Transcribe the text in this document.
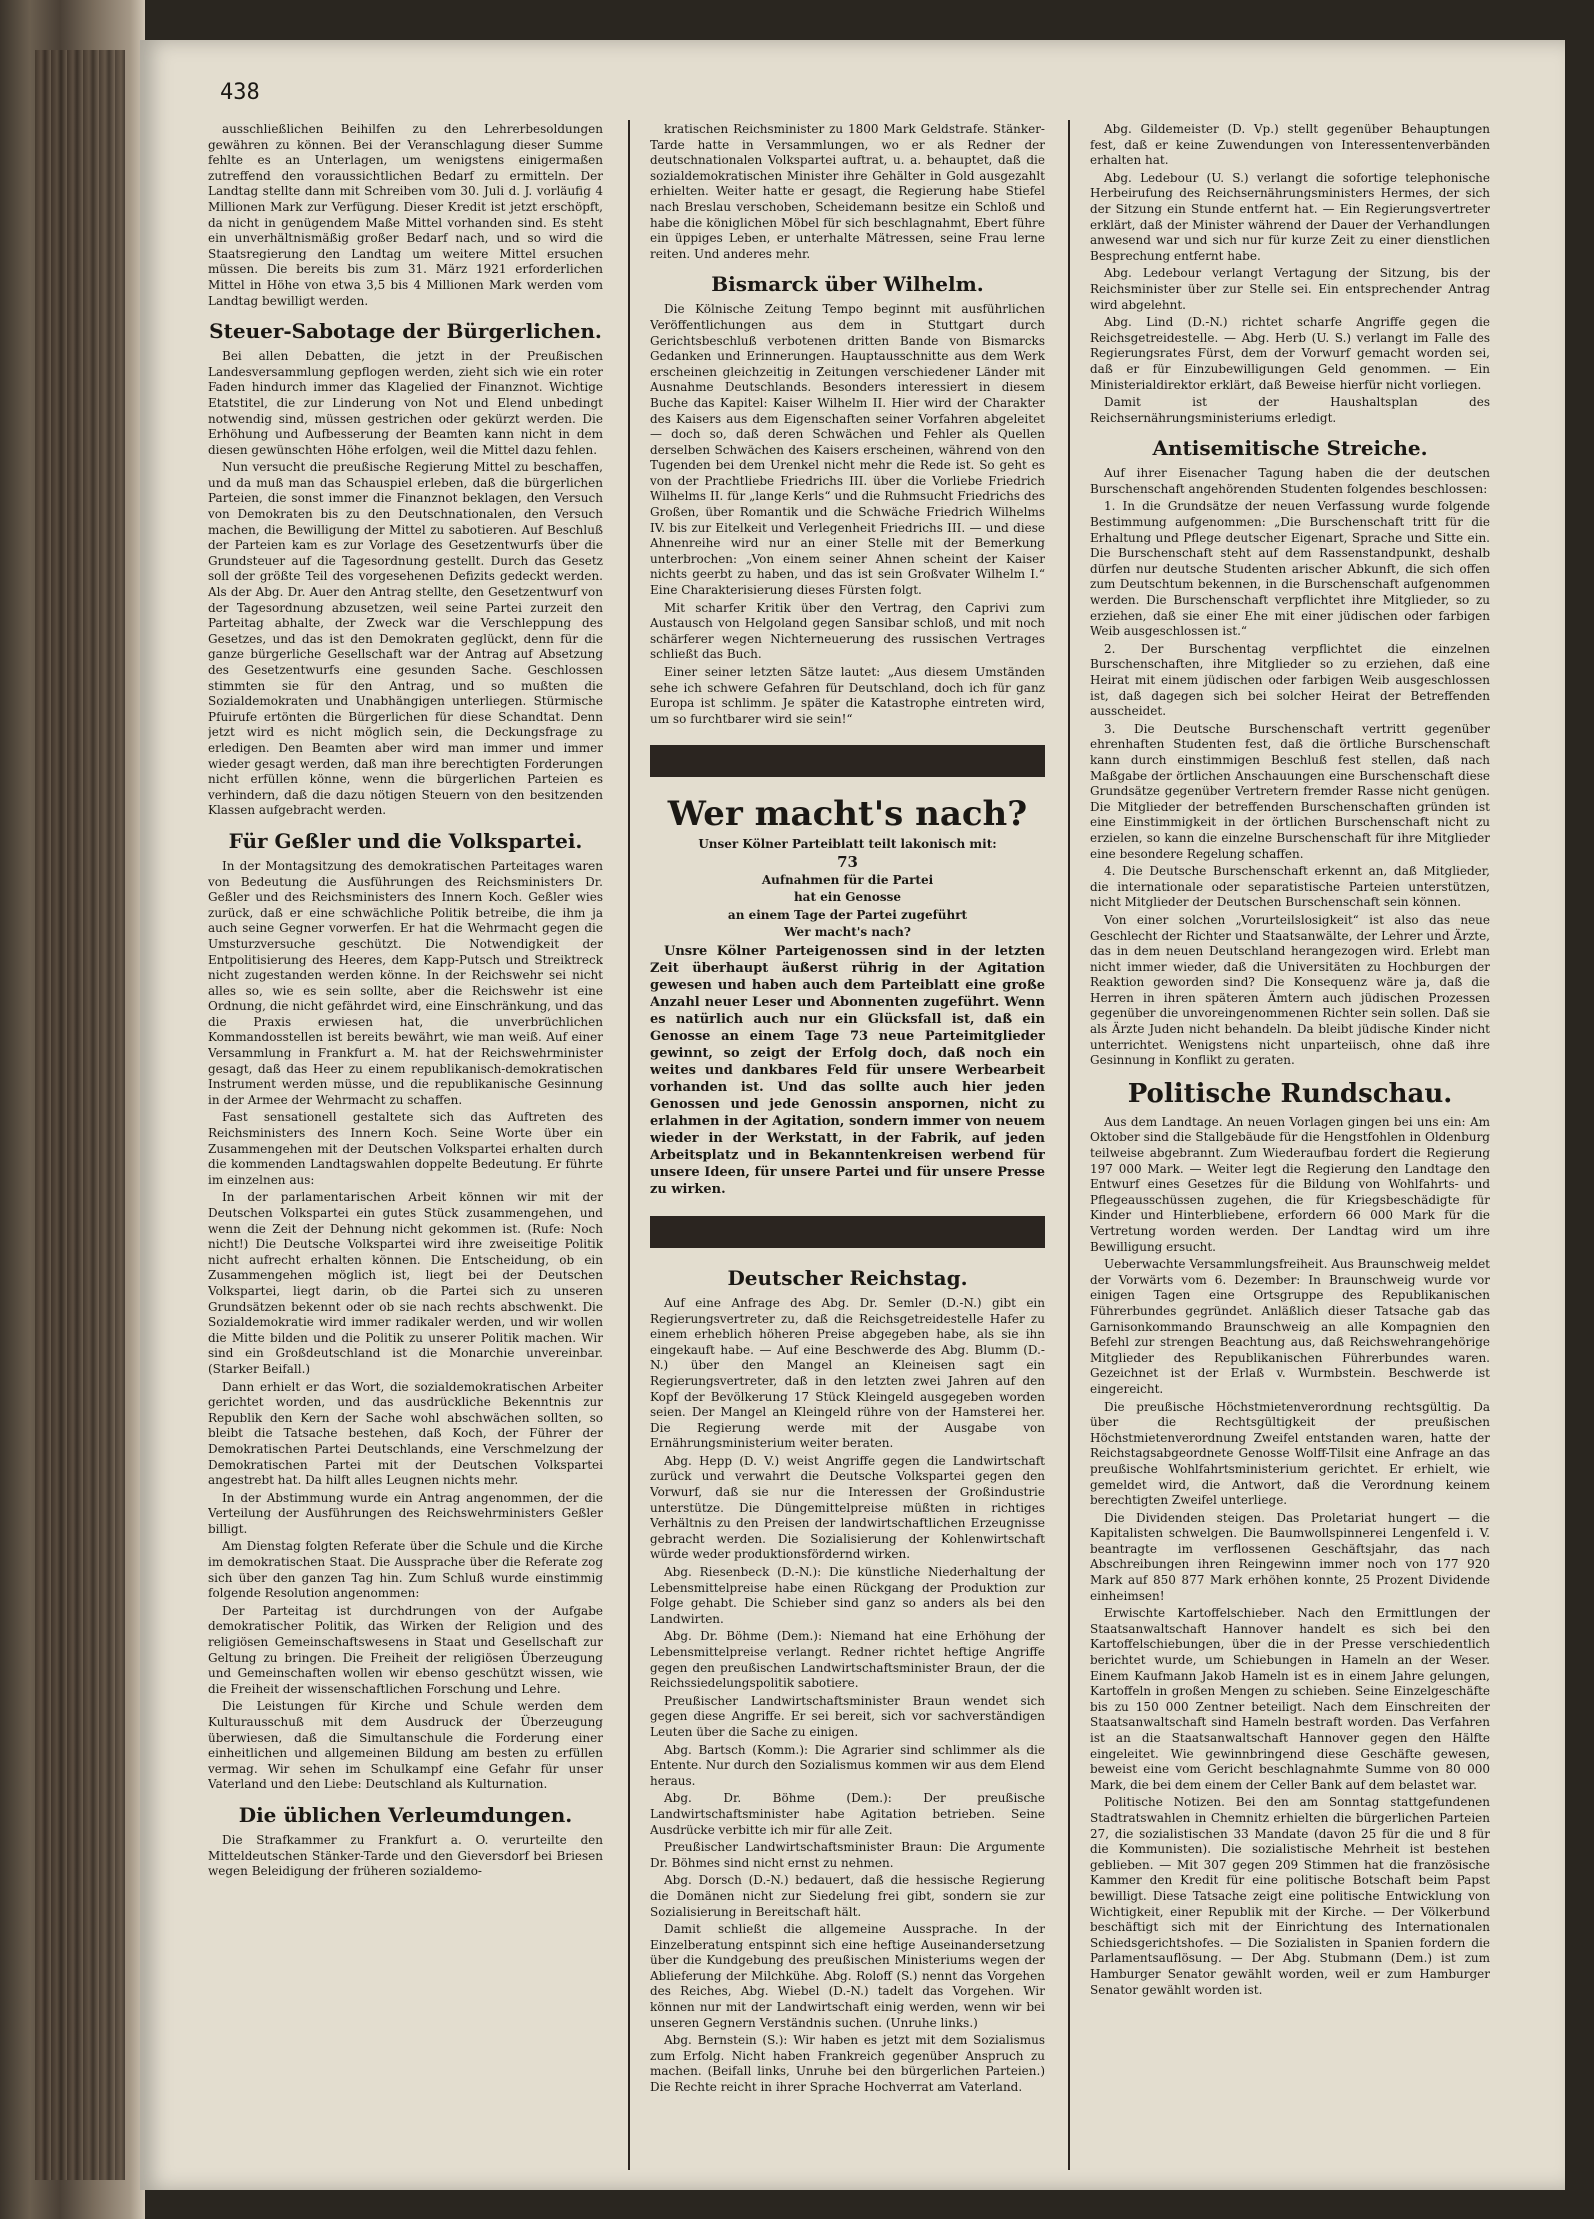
438

ausschließlichen Beihilfen zu den Lehrerbesoldungen gewähren zu können. Bei der Veranschlagung dieser Summe fehlte es an Unterlagen, um wenigstens einigermaßen zutreffend den voraussichtlichen Bedarf zu ermitteln. Der Landtag stellte dann mit Schreiben vom 30. Juli d. J. vorläufig 4 Millionen Mark zur Verfügung. Dieser Kredit ist jetzt erschöpft, da nicht in genügendem Maße Mittel vorhanden sind. Es steht ein unverhältnismäßig großer Bedarf nach, und so wird die Staatsregierung den Landtag um weitere Mittel ersuchen müssen. Die bereits bis zum 31. März 1921 erforderlichen Mittel in Höhe von etwa 3,5 bis 4 Millionen Mark werden vom Landtag bewilligt werden.

Steuer-Sabotage der Bürgerlichen.

Bei allen Debatten, die jetzt in der Preußischen Landesversammlung gepflogen werden, zieht sich wie ein roter Faden hindurch immer das Klagelied der Finanznot. Wichtige Etatstitel, die zur Linderung von Not und Elend unbedingt notwendig sind, müssen gestrichen oder gekürzt werden. Die Erhöhung und Aufbesserung der Beamten kann nicht in dem diesen gewünschten Höhe erfolgen, weil die Mittel dazu fehlen.

Nun versucht die preußische Regierung Mittel zu beschaffen, und da muß man das Schauspiel erleben, daß die bürgerlichen Parteien, die sonst immer die Finanznot beklagen, den Versuch von Demokraten bis zu den Deutschnationalen, den Versuch machen, die Bewilligung der Mittel zu sabotieren. Auf Beschluß der Parteien kam es zur Vorlage des Gesetzentwurfs über die Grundsteuer auf die Tagesordnung gestellt. Durch das Gesetz soll der größte Teil des vorgesehenen Defizits gedeckt werden. Als der Abg. Dr. Auer den Antrag stellte, den Gesetzentwurf von der Tagesordnung abzusetzen, weil seine Partei zurzeit den Parteitag abhalte, der Zweck war die Verschleppung des Gesetzes, und das ist den Demokraten geglückt, denn für die ganze bürgerliche Gesellschaft war der Antrag auf Absetzung des Gesetzentwurfs eine gesunden Sache. Geschlossen stimmten sie für den Antrag, und so mußten die Sozialdemokraten und Unabhängigen unterliegen. Stürmische Pfuirufe ertönten die Bürgerlichen für diese Schandtat. Denn jetzt wird es nicht möglich sein, die Deckungsfrage zu erledigen. Den Beamten aber wird man immer und immer wieder gesagt werden, daß man ihre berechtigten Forderungen nicht erfüllen könne, wenn die bürgerlichen Parteien es verhindern, daß die dazu nötigen Steuern von den besitzenden Klassen aufgebracht werden.

Für Geßler und die Volkspartei.

In der Montagsitzung des demokratischen Parteitages waren von Bedeutung die Ausführungen des Reichsministers Dr. Geßler und des Reichsministers des Innern Koch. Geßler wies zurück, daß er eine schwächliche Politik betreibe, die ihm ja auch seine Gegner vorwerfen. Er hat die Wehrmacht gegen die Umsturzversuche geschützt. Die Notwendigkeit der Entpolitisierung des Heeres, dem Kapp-Putsch und Streiktreck nicht zugestanden werden könne. In der Reichswehr sei nicht alles so, wie es sein sollte, aber die Reichswehr ist eine Ordnung, die nicht gefährdet wird, eine Einschränkung, und das die Praxis erwiesen hat, die unverbrüchlichen Kommandosstellen ist bereits bewährt, wie man weiß. Auf einer Versammlung in Frankfurt a. M. hat der Reichswehrminister gesagt, daß das Heer zu einem republikanisch-demokratischen Instrument werden müsse, und die republikanische Gesinnung in der Armee der Wehrmacht zu schaffen.

Fast sensationell gestaltete sich das Auftreten des Reichsministers des Innern Koch. Seine Worte über ein Zusammengehen mit der Deutschen Volkspartei erhalten durch die kommenden Landtagswahlen doppelte Bedeutung. Er führte im einzelnen aus:

In der parlamentarischen Arbeit können wir mit der Deutschen Volkspartei ein gutes Stück zusammengehen, und wenn die Zeit der Dehnung nicht gekommen ist. (Rufe: Noch nicht!) Die Deutsche Volkspartei wird ihre zweiseitige Politik nicht aufrecht erhalten können. Die Entscheidung, ob ein Zusammengehen möglich ist, liegt bei der Deutschen Volkspartei, liegt darin, ob die Partei sich zu unseren Grundsätzen bekennt oder ob sie nach rechts abschwenkt. Die Sozialdemokratie wird immer radikaler werden, und wir wollen die Mitte bilden und die Politik zu unserer Politik machen. Wir sind ein Großdeutschland ist die Monarchie unvereinbar. (Starker Beifall.)

Dann erhielt er das Wort, die sozialdemokratischen Arbeiter gerichtet worden, und das ausdrückliche Bekenntnis zur Republik den Kern der Sache wohl abschwächen sollten, so bleibt die Tatsache bestehen, daß Koch, der Führer der Demokratischen Partei Deutschlands, eine Verschmelzung der Demokratischen Partei mit der Deutschen Volkspartei angestrebt hat. Da hilft alles Leugnen nichts mehr.

In der Abstimmung wurde ein Antrag angenommen, der die Verteilung der Ausführungen des Reichswehrministers Geßler billigt.

Am Dienstag folgten Referate über die Schule und die Kirche im demokratischen Staat. Die Aussprache über die Referate zog sich über den ganzen Tag hin. Zum Schluß wurde einstimmig folgende Resolution angenommen:

Der Parteitag ist durchdrungen von der Aufgabe demokratischer Politik, das Wirken der Religion und des religiösen Gemeinschaftswesens in Staat und Gesellschaft zur Geltung zu bringen. Die Freiheit der religiösen Überzeugung und Gemeinschaften wollen wir ebenso geschützt wissen, wie die Freiheit der wissenschaftlichen Forschung und Lehre.

Die Leistungen für Kirche und Schule werden dem Kulturausschuß mit dem Ausdruck der Überzeugung überwiesen, daß die Simultanschule die Forderung einer einheitlichen und allgemeinen Bildung am besten zu erfüllen vermag. Wir sehen im Schulkampf eine Gefahr für unser Vaterland und den Liebe: Deutschland als Kulturnation.

Die üblichen Verleumdungen.

Die Strafkammer zu Frankfurt a. O. verurteilte den Mitteldeutschen Stänker-Tarde und den Gieversdorf bei Briesen wegen Beleidigung der früheren sozialdemo-

kratischen Reichsminister zu 1800 Mark Geldstrafe. Stänker-Tarde hatte in Versammlungen, wo er als Redner der deutschnationalen Volkspartei auftrat, u. a. behauptet, daß die sozialdemokratischen Minister ihre Gehälter in Gold ausgezahlt erhielten. Weiter hatte er gesagt, die Regierung habe Stiefel nach Breslau verschoben, Scheidemann besitze ein Schloß und habe die königlichen Möbel für sich beschlagnahmt, Ebert führe ein üppiges Leben, er unterhalte Mätressen, seine Frau lerne reiten. Und anderes mehr.

Bismarck über Wilhelm.

Die Kölnische Zeitung Tempo beginnt mit ausführlichen Veröffentlichungen aus dem in Stuttgart durch Gerichtsbeschluß verbotenen dritten Bande von Bismarcks Gedanken und Erinnerungen. Hauptausschnitte aus dem Werk erscheinen gleichzeitig in Zeitungen verschiedener Länder mit Ausnahme Deutschlands. Besonders interessiert in diesem Buche das Kapitel: Kaiser Wilhelm II. Hier wird der Charakter des Kaisers aus dem Eigenschaften seiner Vorfahren abgeleitet — doch so, daß deren Schwächen und Fehler als Quellen derselben Schwächen des Kaisers erscheinen, während von den Tugenden bei dem Urenkel nicht mehr die Rede ist. So geht es von der Prachtliebe Friedrichs III. über die Vorliebe Friedrich Wilhelms II. für „lange Kerls“ und die Ruhmsucht Friedrichs des Großen, über Romantik und die Schwäche Friedrich Wilhelms IV. bis zur Eitelkeit und Verlegenheit Friedrichs III. — und diese Ahnenreihe wird nur an einer Stelle mit der Bemerkung unterbrochen: „Von einem seiner Ahnen scheint der Kaiser nichts geerbt zu haben, und das ist sein Großvater Wilhelm I.“ Eine Charakterisierung dieses Fürsten folgt.

Mit scharfer Kritik über den Vertrag, den Caprivi zum Austausch von Helgoland gegen Sansibar schloß, und mit noch schärferer wegen Nichterneuerung des russischen Vertrages schließt das Buch.

Einer seiner letzten Sätze lautet: „Aus diesem Umständen sehe ich schwere Gefahren für Deutschland, doch ich für ganz Europa ist schlimm. Je später die Katastrophe eintreten wird, um so furchtbarer wird sie sein!“

Wer macht's nach?

Unser Kölner Parteiblatt teilt lakonisch mit:

73

Aufnahmen für die Partei

hat ein Genosse

an einem Tage der Partei zugeführt

Wer macht's nach?

Unsre Kölner Parteigenossen sind in der letzten Zeit überhaupt äußerst rührig in der Agitation gewesen und haben auch dem Parteiblatt eine große Anzahl neuer Leser und Abonnenten zugeführt. Wenn es natürlich auch nur ein Glücksfall ist, daß ein Genosse an einem Tage 73 neue Parteimitglieder gewinnt, so zeigt der Erfolg doch, daß noch ein weites und dankbares Feld für unsere Werbearbeit vorhanden ist. Und das sollte auch hier jeden Genossen und jede Genossin anspornen, nicht zu erlahmen in der Agitation, sondern immer von neuem wieder in der Werkstatt, in der Fabrik, auf jeden Arbeitsplatz und in Bekanntenkreisen werbend für unsere Ideen, für unsere Partei und für unsere Presse zu wirken.

Deutscher Reichstag.

Auf eine Anfrage des Abg. Dr. Semler (D.-N.) gibt ein Regierungsvertreter zu, daß die Reichsgetreidestelle Hafer zu einem erheblich höheren Preise abgegeben habe, als sie ihn eingekauft habe. — Auf eine Beschwerde des Abg. Blumm (D.-N.) über den Mangel an Kleineisen sagt ein Regierungsvertreter, daß in den letzten zwei Jahren auf den Kopf der Bevölkerung 17 Stück Kleingeld ausgegeben worden seien. Der Mangel an Kleingeld rühre von der Hamsterei her. Die Regierung werde mit der Ausgabe von Ernährungsministerium weiter beraten.

Abg. Hepp (D. V.) weist Angriffe gegen die Landwirtschaft zurück und verwahrt die Deutsche Volkspartei gegen den Vorwurf, daß sie nur die Interessen der Großindustrie unterstütze. Die Düngemittelpreise müßten in richtiges Verhältnis zu den Preisen der landwirtschaftlichen Erzeugnisse gebracht werden. Die Sozialisierung der Kohlenwirtschaft würde weder produktionsfördernd wirken.

Abg. Riesenbeck (D.-N.): Die künstliche Niederhaltung der Lebensmittelpreise habe einen Rückgang der Produktion zur Folge gehabt. Die Schieber sind ganz so anders als bei den Landwirten.

Abg. Dr. Böhme (Dem.): Niemand hat eine Erhöhung der Lebensmittelpreise verlangt. Redner richtet heftige Angriffe gegen den preußischen Landwirtschaftsminister Braun, der die Reichssiedelungspolitik sabotiere.

Preußischer Landwirtschaftsminister Braun wendet sich gegen diese Angriffe. Er sei bereit, sich vor sachverständigen Leuten über die Sache zu einigen.

Abg. Bartsch (Komm.): Die Agrarier sind schlimmer als die Entente. Nur durch den Sozialismus kommen wir aus dem Elend heraus.

Abg. Dr. Böhme (Dem.): Der preußische Landwirtschaftsminister habe Agitation betrieben. Seine Ausdrücke verbitte ich mir für alle Zeit.

Preußischer Landwirtschaftsminister Braun: Die Argumente Dr. Böhmes sind nicht ernst zu nehmen.

Abg. Dorsch (D.-N.) bedauert, daß die hessische Regierung die Domänen nicht zur Siedelung frei gibt, sondern sie zur Sozialisierung in Bereitschaft hält.

Damit schließt die allgemeine Aussprache. In der Einzelberatung entspinnt sich eine heftige Auseinandersetzung über die Kundgebung des preußischen Ministeriums wegen der Ablieferung der Milchkühe. Abg. Roloff (S.) nennt das Vorgehen des Reiches, Abg. Wiebel (D.-N.) tadelt das Vorgehen. Wir können nur mit der Landwirtschaft einig werden, wenn wir bei unseren Gegnern Verständnis suchen. (Unruhe links.)

Abg. Bernstein (S.): Wir haben es jetzt mit dem Sozialismus zum Erfolg. Nicht haben Frankreich gegenüber Anspruch zu machen. (Beifall links, Unruhe bei den bürgerlichen Parteien.) Die Rechte reicht in ihrer Sprache Hochverrat am Vaterland.

Abg. Gildemeister (D. Vp.) stellt gegenüber Behauptungen fest, daß er keine Zuwendungen von Interessentenverbänden erhalten hat.

Abg. Ledebour (U. S.) verlangt die sofortige telephonische Herbeirufung des Reichsernährungsministers Hermes, der sich der Sitzung ein Stunde entfernt hat. — Ein Regierungsvertreter erklärt, daß der Minister während der Dauer der Verhandlungen anwesend war und sich nur für kurze Zeit zu einer dienstlichen Besprechung entfernt habe.

Abg. Ledebour verlangt Vertagung der Sitzung, bis der Reichsminister über zur Stelle sei. Ein entsprechender Antrag wird abgelehnt.

Abg. Lind (D.-N.) richtet scharfe Angriffe gegen die Reichsgetreidestelle. — Abg. Herb (U. S.) verlangt im Falle des Regierungsrates Fürst, dem der Vorwurf gemacht worden sei, daß er für Einzubewilligungen Geld genommen. — Ein Ministerialdirektor erklärt, daß Beweise hierfür nicht vorliegen.

Damit ist der Haushaltsplan des Reichsernährungsministeriums erledigt.

Antisemitische Streiche.

Auf ihrer Eisenacher Tagung haben die der deutschen Burschenschaft angehörenden Studenten folgendes beschlossen:

1. In die Grundsätze der neuen Verfassung wurde folgende Bestimmung aufgenommen: „Die Burschenschaft tritt für die Erhaltung und Pflege deutscher Eigenart, Sprache und Sitte ein. Die Burschenschaft steht auf dem Rassenstandpunkt, deshalb dürfen nur deutsche Studenten arischer Abkunft, die sich offen zum Deutschtum bekennen, in die Burschenschaft aufgenommen werden. Die Burschenschaft verpflichtet ihre Mitglieder, so zu erziehen, daß sie einer Ehe mit einer jüdischen oder farbigen Weib ausgeschlossen ist.“

2. Der Burschentag verpflichtet die einzelnen Burschenschaften, ihre Mitglieder so zu erziehen, daß eine Heirat mit einem jüdischen oder farbigen Weib ausgeschlossen ist, daß dagegen sich bei solcher Heirat der Betreffenden ausscheidet.

3. Die Deutsche Burschenschaft vertritt gegenüber ehrenhaften Studenten fest, daß die örtliche Burschenschaft kann durch einstimmigen Beschluß fest stellen, daß nach Maßgabe der örtlichen Anschauungen eine Burschenschaft diese Grundsätze gegenüber Vertretern fremder Rasse nicht genügen. Die Mitglieder der betreffenden Burschenschaften gründen ist eine Einstimmigkeit in der örtlichen Burschenschaft nicht zu erzielen, so kann die einzelne Burschenschaft für ihre Mitglieder eine besondere Regelung schaffen.

4. Die Deutsche Burschenschaft erkennt an, daß Mitglieder, die internationale oder separatistische Parteien unterstützen, nicht Mitglieder der Deutschen Burschenschaft sein können.

Von einer solchen „Vorurteilslosigkeit“ ist also das neue Geschlecht der Richter und Staatsanwälte, der Lehrer und Ärzte, das in dem neuen Deutschland herangezogen wird. Erlebt man nicht immer wieder, daß die Universitäten zu Hochburgen der Reaktion geworden sind? Die Konsequenz wäre ja, daß die Herren in ihren späteren Ämtern auch jüdischen Prozessen gegenüber die unvoreingenommenen Richter sein sollen. Daß sie als Ärzte Juden nicht behandeln. Da bleibt jüdische Kinder nicht unterrichtet. Wenigstens nicht unparteiisch, ohne daß ihre Gesinnung in Konflikt zu geraten.

Politische Rundschau.

Aus dem Landtage. An neuen Vorlagen gingen bei uns ein: Am Oktober sind die Stallgebäude für die Hengstfohlen in Oldenburg teilweise abgebrannt. Zum Wiederaufbau fordert die Regierung 197 000 Mark. — Weiter legt die Regierung den Landtage den Entwurf eines Gesetzes für die Bildung von Wohlfahrts- und Pflegeausschüssen zugehen, die für Kriegsbeschädigte für Kinder und Hinterbliebene, erfordern 66 000 Mark für die Vertretung worden werden. Der Landtag wird um ihre Bewilligung ersucht.

Ueberwachte Versammlungsfreiheit. Aus Braunschweig meldet der Vorwärts vom 6. Dezember: In Braunschweig wurde vor einigen Tagen eine Ortsgruppe des Republikanischen Führerbundes gegründet. Anläßlich dieser Tatsache gab das Garnisonkommando Braunschweig an alle Kompagnien den Befehl zur strengen Beachtung aus, daß Reichswehrangehörige Mitglieder des Republikanischen Führerbundes waren. Gezeichnet ist der Erlaß v. Wurmbstein. Beschwerde ist eingereicht.

Die preußische Höchstmietenverordnung rechtsgültig. Da über die Rechtsgültigkeit der preußischen Höchstmietenverordnung Zweifel entstanden waren, hatte der Reichstagsabgeordnete Genosse Wolff-Tilsit eine Anfrage an das preußische Wohlfahrtsministerium gerichtet. Er erhielt, wie gemeldet wird, die Antwort, daß die Verordnung keinem berechtigten Zweifel unterliege.

Die Dividenden steigen. Das Proletariat hungert — die Kapitalisten schwelgen. Die Baumwollspinnerei Lengenfeld i. V. beantragte im verflossenen Geschäftsjahr, das nach Abschreibungen ihren Reingewinn immer noch von 177 920 Mark auf 850 877 Mark erhöhen konnte, 25 Prozent Dividende einheimsen!

Erwischte Kartoffelschieber. Nach den Ermittlungen der Staatsanwaltschaft Hannover handelt es sich bei den Kartoffelschiebungen, über die in der Presse verschiedentlich berichtet wurde, um Schiebungen in Hameln an der Weser. Einem Kaufmann Jakob Hameln ist es in einem Jahre gelungen, Kartoffeln in großen Mengen zu schieben. Seine Einzelgeschäfte bis zu 150 000 Zentner beteiligt. Nach dem Einschreiten der Staatsanwaltschaft sind Hameln bestraft worden. Das Verfahren ist an die Staatsanwaltschaft Hannover gegen den Hälfte eingeleitet. Wie gewinnbringend diese Geschäfte gewesen, beweist eine vom Gericht beschlagnahmte Summe von 80 000 Mark, die bei dem einem der Celler Bank auf dem belastet war.

Politische Notizen. Bei den am Sonntag stattgefundenen Stadtratswahlen in Chemnitz erhielten die bürgerlichen Parteien 27, die sozialistischen 33 Mandate (davon 25 für die und 8 für die Kommunisten). Die sozialistische Mehrheit ist bestehen geblieben. — Mit 307 gegen 209 Stimmen hat die französische Kammer den Kredit für eine politische Botschaft beim Papst bewilligt. Diese Tatsache zeigt eine politische Entwicklung von Wichtigkeit, einer Republik mit der Kirche. — Der Völkerbund beschäftigt sich mit der Einrichtung des Internationalen Schiedsgerichtshofes. — Die Sozialisten in Spanien fordern die Parlamentsauflösung. — Der Abg. Stubmann (Dem.) ist zum Hamburger Senator gewählt worden, weil er zum Hamburger Senator gewählt worden ist.
